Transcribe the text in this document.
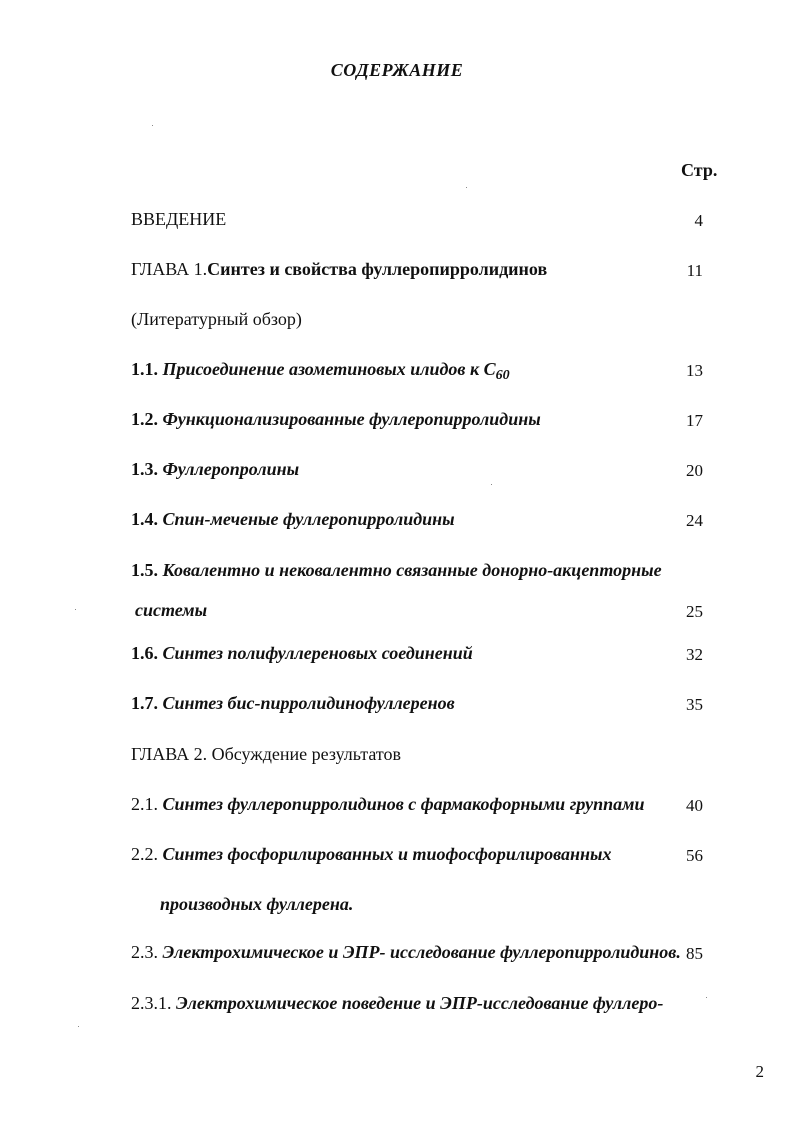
СОДЕРЖАНИЕ
Стр.
ВВЕДЕНИЕ	4
ГЛАВА 1.Синтез и свойства фуллеропирролидинов	11
(Литературный обзор)
1.1. Присоединение азометиновых илидов к $C_{60}$	13
1.2. Функционализированные фуллеропирролидины	17
1.3. Фуллеропролины	20
1.4. Спин-меченые фуллеропирролидины	24
1.5. Ковалентно и нековалентно связанные донорно-акцепторные
системы	25
1.6. Синтез полифуллереновых соединений	32
1.7. Синтез бис-пирролидинофуллеренов	35
ГЛАВА 2. Обсуждение результатов
2.1. Синтез фуллеропирролидинов с фармакофорными группами 40
2.2. Синтез фосфорилированных и тиофосфорилированных	56
производных фуллерена.
2.3. Электрохимическое и ЭПР- исследование фуллеропирролидинов. 85
2.3.1. Электрохимическое поведение и ЭПР-исследование фуллеро-
2
